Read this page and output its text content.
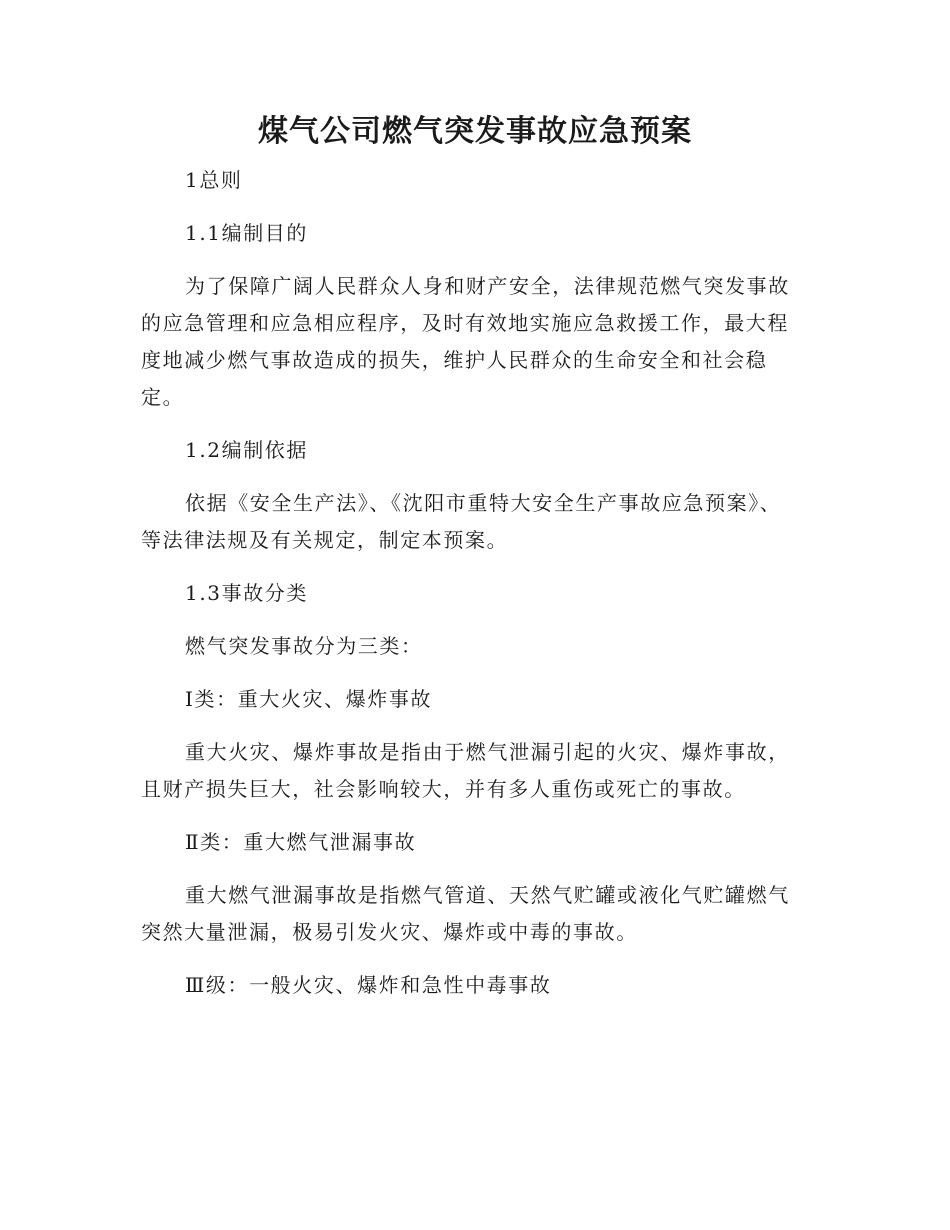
煤气公司燃气突发事故应急预案

1总则

1.1编制目的

为了保障广阔人民群众人身和财产安全，法律规范燃气突发事故的应急管理和应急相应程序，及时有效地实施应急救援工作，最大程度地减少燃气事故造成的损失，维护人民群众的生命安全和社会稳定。

1.2编制依据

依据《安全生产法》、《沈阳市重特大安全生产事故应急预案》、等法律法规及有关规定，制定本预案。

1.3事故分类

燃气突发事故分为三类：

Ⅰ类：重大火灾、爆炸事故

重大火灾、爆炸事故是指由于燃气泄漏引起的火灾、爆炸事故，且财产损失巨大，社会影响较大，并有多人重伤或死亡的事故。

Ⅱ类：重大燃气泄漏事故

重大燃气泄漏事故是指燃气管道、天然气贮罐或液化气贮罐燃气突然大量泄漏，极易引发火灾、爆炸或中毒的事故。

Ⅲ级：一般火灾、爆炸和急性中毒事故
